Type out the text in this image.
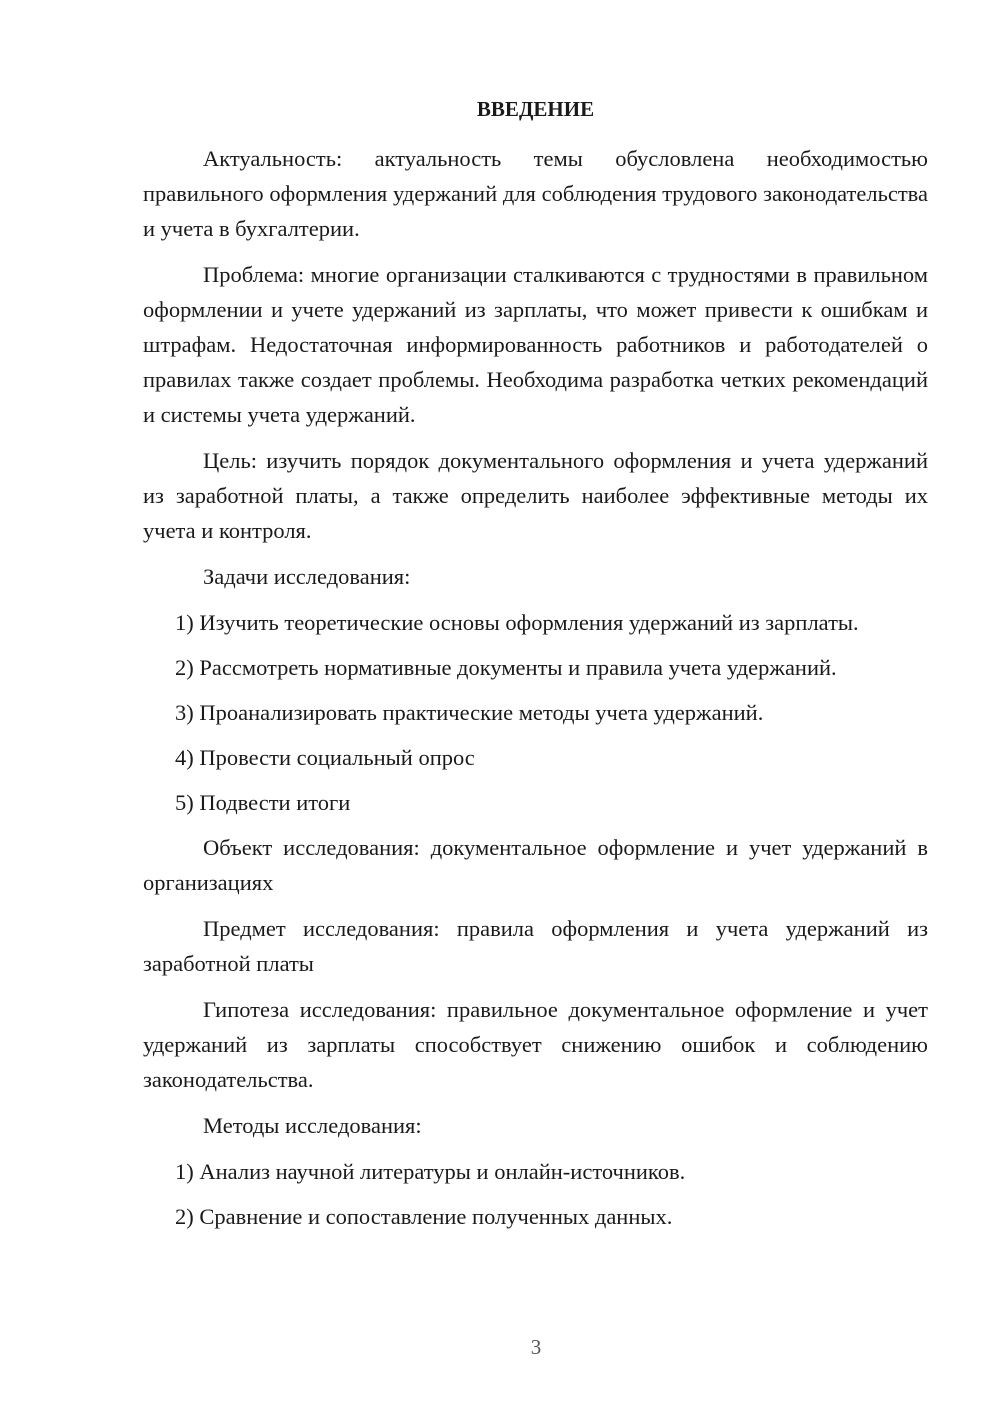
ВВЕДЕНИЕ

Актуальность: актуальность темы обусловлена необходимостью правильного оформления удержаний для соблюдения трудового законодательства и учета в бухгалтерии.

Проблема: многие организации сталкиваются с трудностями в правильном оформлении и учете удержаний из зарплаты, что может привести к ошибкам и штрафам. Недостаточная информированность работников и работодателей о правилах также создает проблемы. Необходима разработка четких рекомендаций и системы учета удержаний.

Цель: изучить порядок документального оформления и учета удержаний из заработной платы, а также определить наиболее эффективные методы их учета и контроля.

Задачи исследования:

1) Изучить теоретические основы оформления удержаний из зарплаты.

2) Рассмотреть нормативные документы и правила учета удержаний.

3) Проанализировать практические методы учета удержаний.

4) Провести социальный опрос

5) Подвести итоги

Объект исследования: документальное оформление и учет удержаний в организациях

Предмет исследования: правила оформления и учета удержаний из заработной платы

Гипотеза исследования: правильное документальное оформление и учет удержаний из зарплаты способствует снижению ошибок и соблюдению законодательства.

Методы исследования:

1) Анализ научной литературы и онлайн-источников.

2) Сравнение и сопоставление полученных данных.

3
